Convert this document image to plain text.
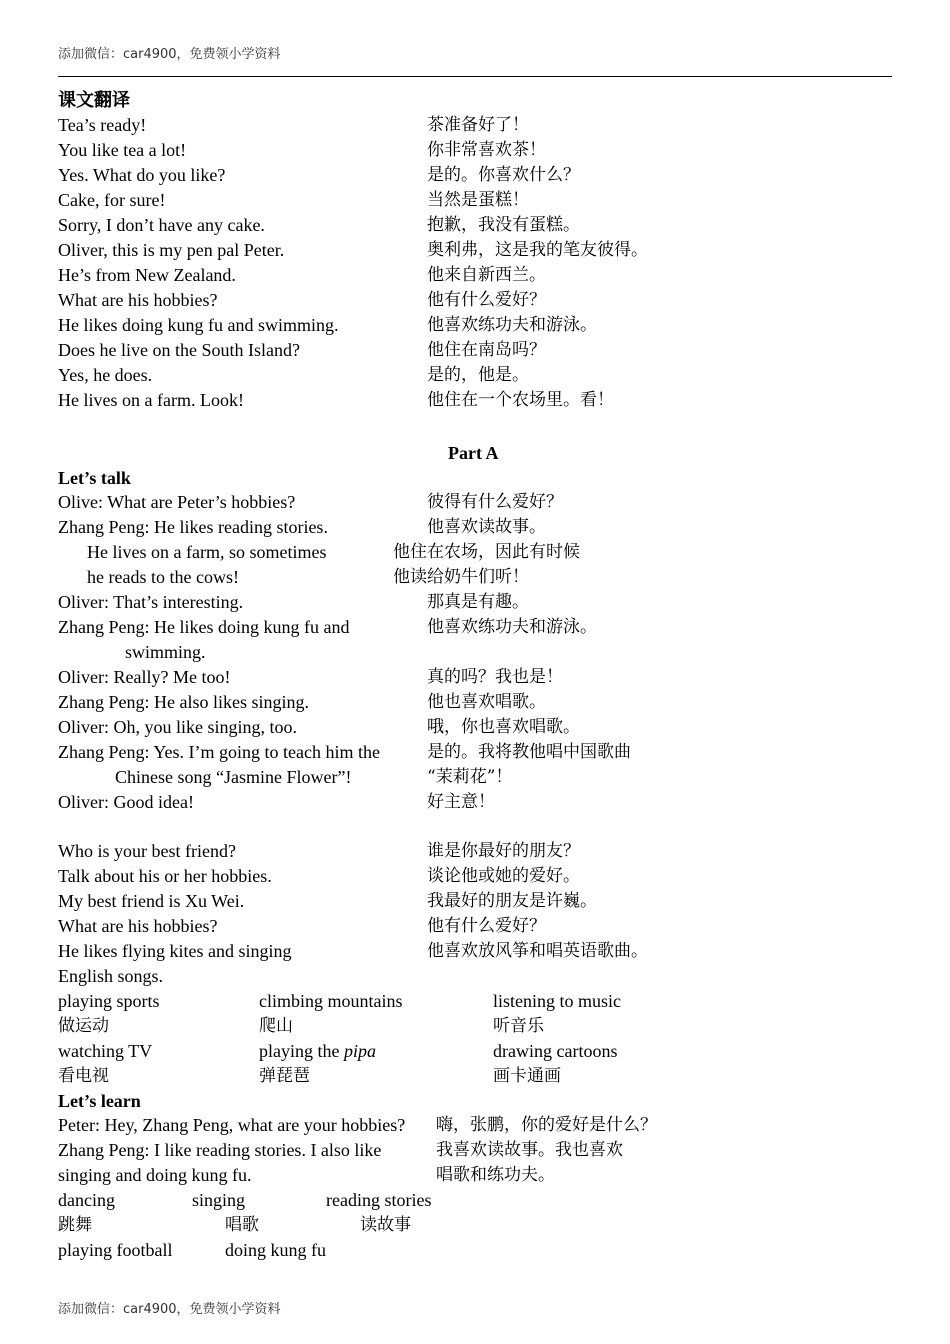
添加微信：car4900，免费领小学资料
课文翻译
Tea’s ready!	茶准备好了！
You like tea a lot!	你非常喜欢茶！
Yes. What do you like?	是的。你喜欢什么？
Cake, for sure!	当然是蛋糕！
Sorry, I don’t have any cake.	抱歉，我没有蛋糕。
Oliver, this is my pen pal Peter.	奥利弗，这是我的笔友彼得。
He’s from New Zealand.	他来自新西兰。
What are his hobbies?	他有什么爱好？
He likes doing kung fu and swimming.	他喜欢练功夫和游泳。
Does he live on the South Island?	他住在南岛吗？
Yes, he does.	是的，他是。
He lives on a farm. Look!	他住在一个农场里。看！
Part A
Let’s talk
Olive: What are Peter’s hobbies?	彼得有什么爱好？
Zhang Peng: He likes reading stories.	他喜欢读故事。
He lives on a farm, so sometimes	他住在农场，因此有时候
he reads to the cows!	他读给奶牛们听！
Oliver: That’s interesting.	那真是有趣。
Zhang Peng: He likes doing kung fu and	他喜欢练功夫和游泳。
swimming.
Oliver: Really? Me too!	真的吗？我也是！
Zhang Peng: He also likes singing.	他也喜欢唱歌。
Oliver: Oh, you like singing, too.	哦，你也喜欢唱歌。
Zhang Peng: Yes. I’m going to teach him the	是的。我将教他唱中国歌曲
Chinese song “Jasmine Flower”!	“茉莉花”！
Oliver: Good idea!	好主意！
Who is your best friend?	谁是你最好的朋友？
Talk about his or her hobbies.	谈论他或她的爱好。
My best friend is Xu Wei.	我最好的朋友是许巍。
What are his hobbies?	他有什么爱好？
He likes flying kites and singing	他喜欢放风筝和唱英语歌曲。
English songs.
playing sports	climbing mountains	listening to music
做运动	爬山	听音乐
watching TV	playing the pipa	drawing cartoons
看电视	弹琵琶	画卡通画
Let’s learn
Peter: Hey, Zhang Peng, what are your hobbies? 嗨，张鹏，你的爱好是什么？
Zhang Peng: I like reading stories. I also like	我喜欢读故事。我也喜欢
singing and doing kung fu.	唱歌和练功夫。
dancing	singing	reading stories
跳舞	唱歌	读故事
playing football	doing kung fu
添加微信：car4900，免费领小学资料
